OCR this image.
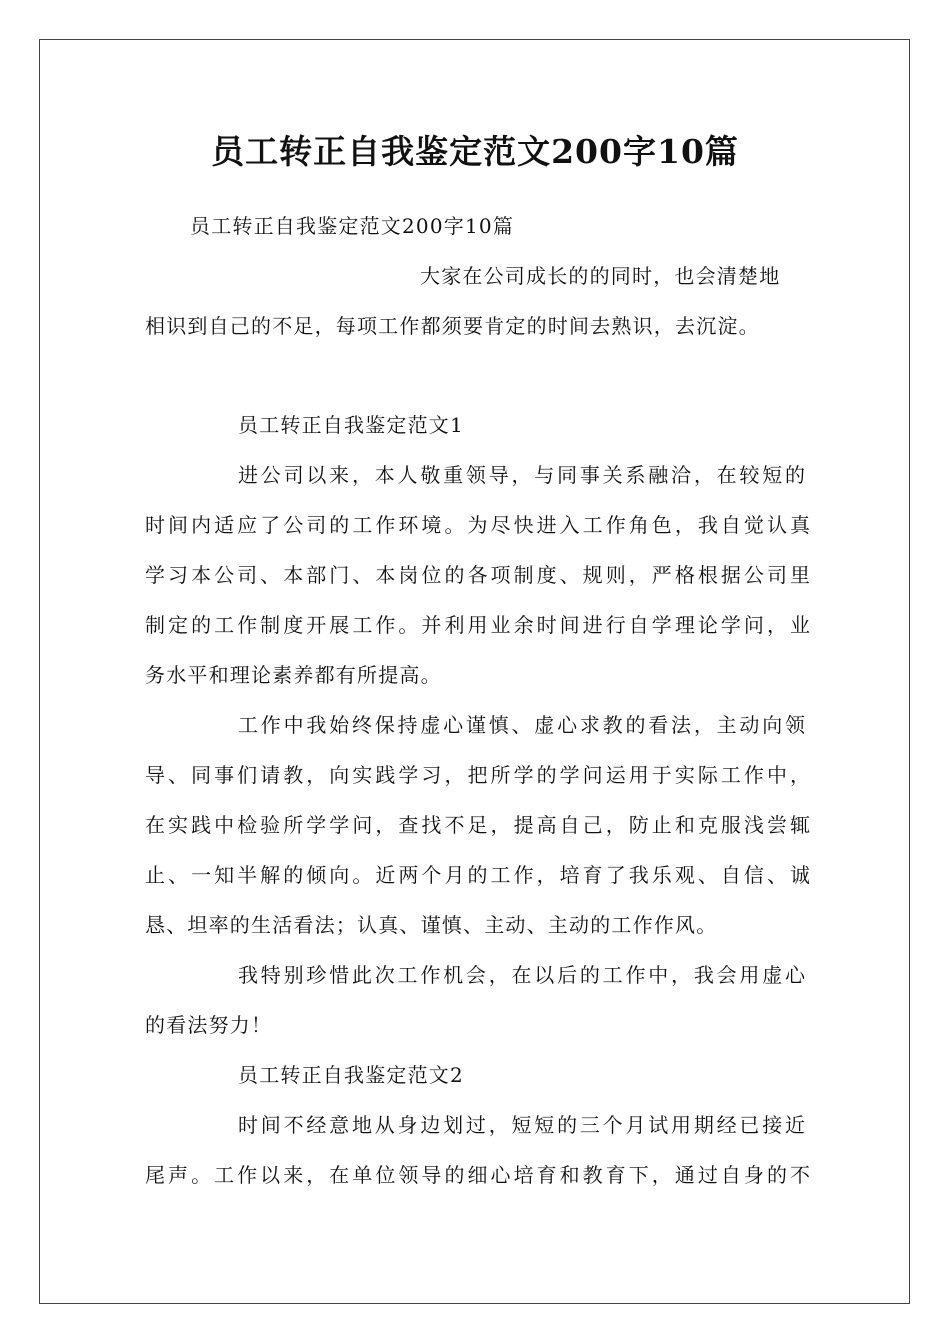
员工转正自我鉴定范文200字10篇

员工转正自我鉴定范文200字10篇

大家在公司成长的的同时，也会清楚地

相识到自己的不足，每项工作都须要肯定的时间去熟识，去沉淀。

员工转正自我鉴定范文1

进公司以来，本人敬重领导，与同事关系融洽，在较短的

时间内适应了公司的工作环境。为尽快进入工作角色，我自觉认真

学习本公司、本部门、本岗位的各项制度、规则，严格根据公司里

制定的工作制度开展工作。并利用业余时间进行自学理论学问，业

务水平和理论素养都有所提高。

工作中我始终保持虚心谨慎、虚心求教的看法，主动向领

导、同事们请教，向实践学习，把所学的学问运用于实际工作中，

在实践中检验所学学问，查找不足，提高自己，防止和克服浅尝辄

止、一知半解的倾向。近两个月的工作，培育了我乐观、自信、诚

恳、坦率的生活看法；认真、谨慎、主动、主动的工作作风。

我特别珍惜此次工作机会，在以后的工作中，我会用虚心

的看法努力！

员工转正自我鉴定范文2

时间不经意地从身边划过，短短的三个月试用期经已接近

尾声。工作以来，在单位领导的细心培育和教育下，通过自身的不
